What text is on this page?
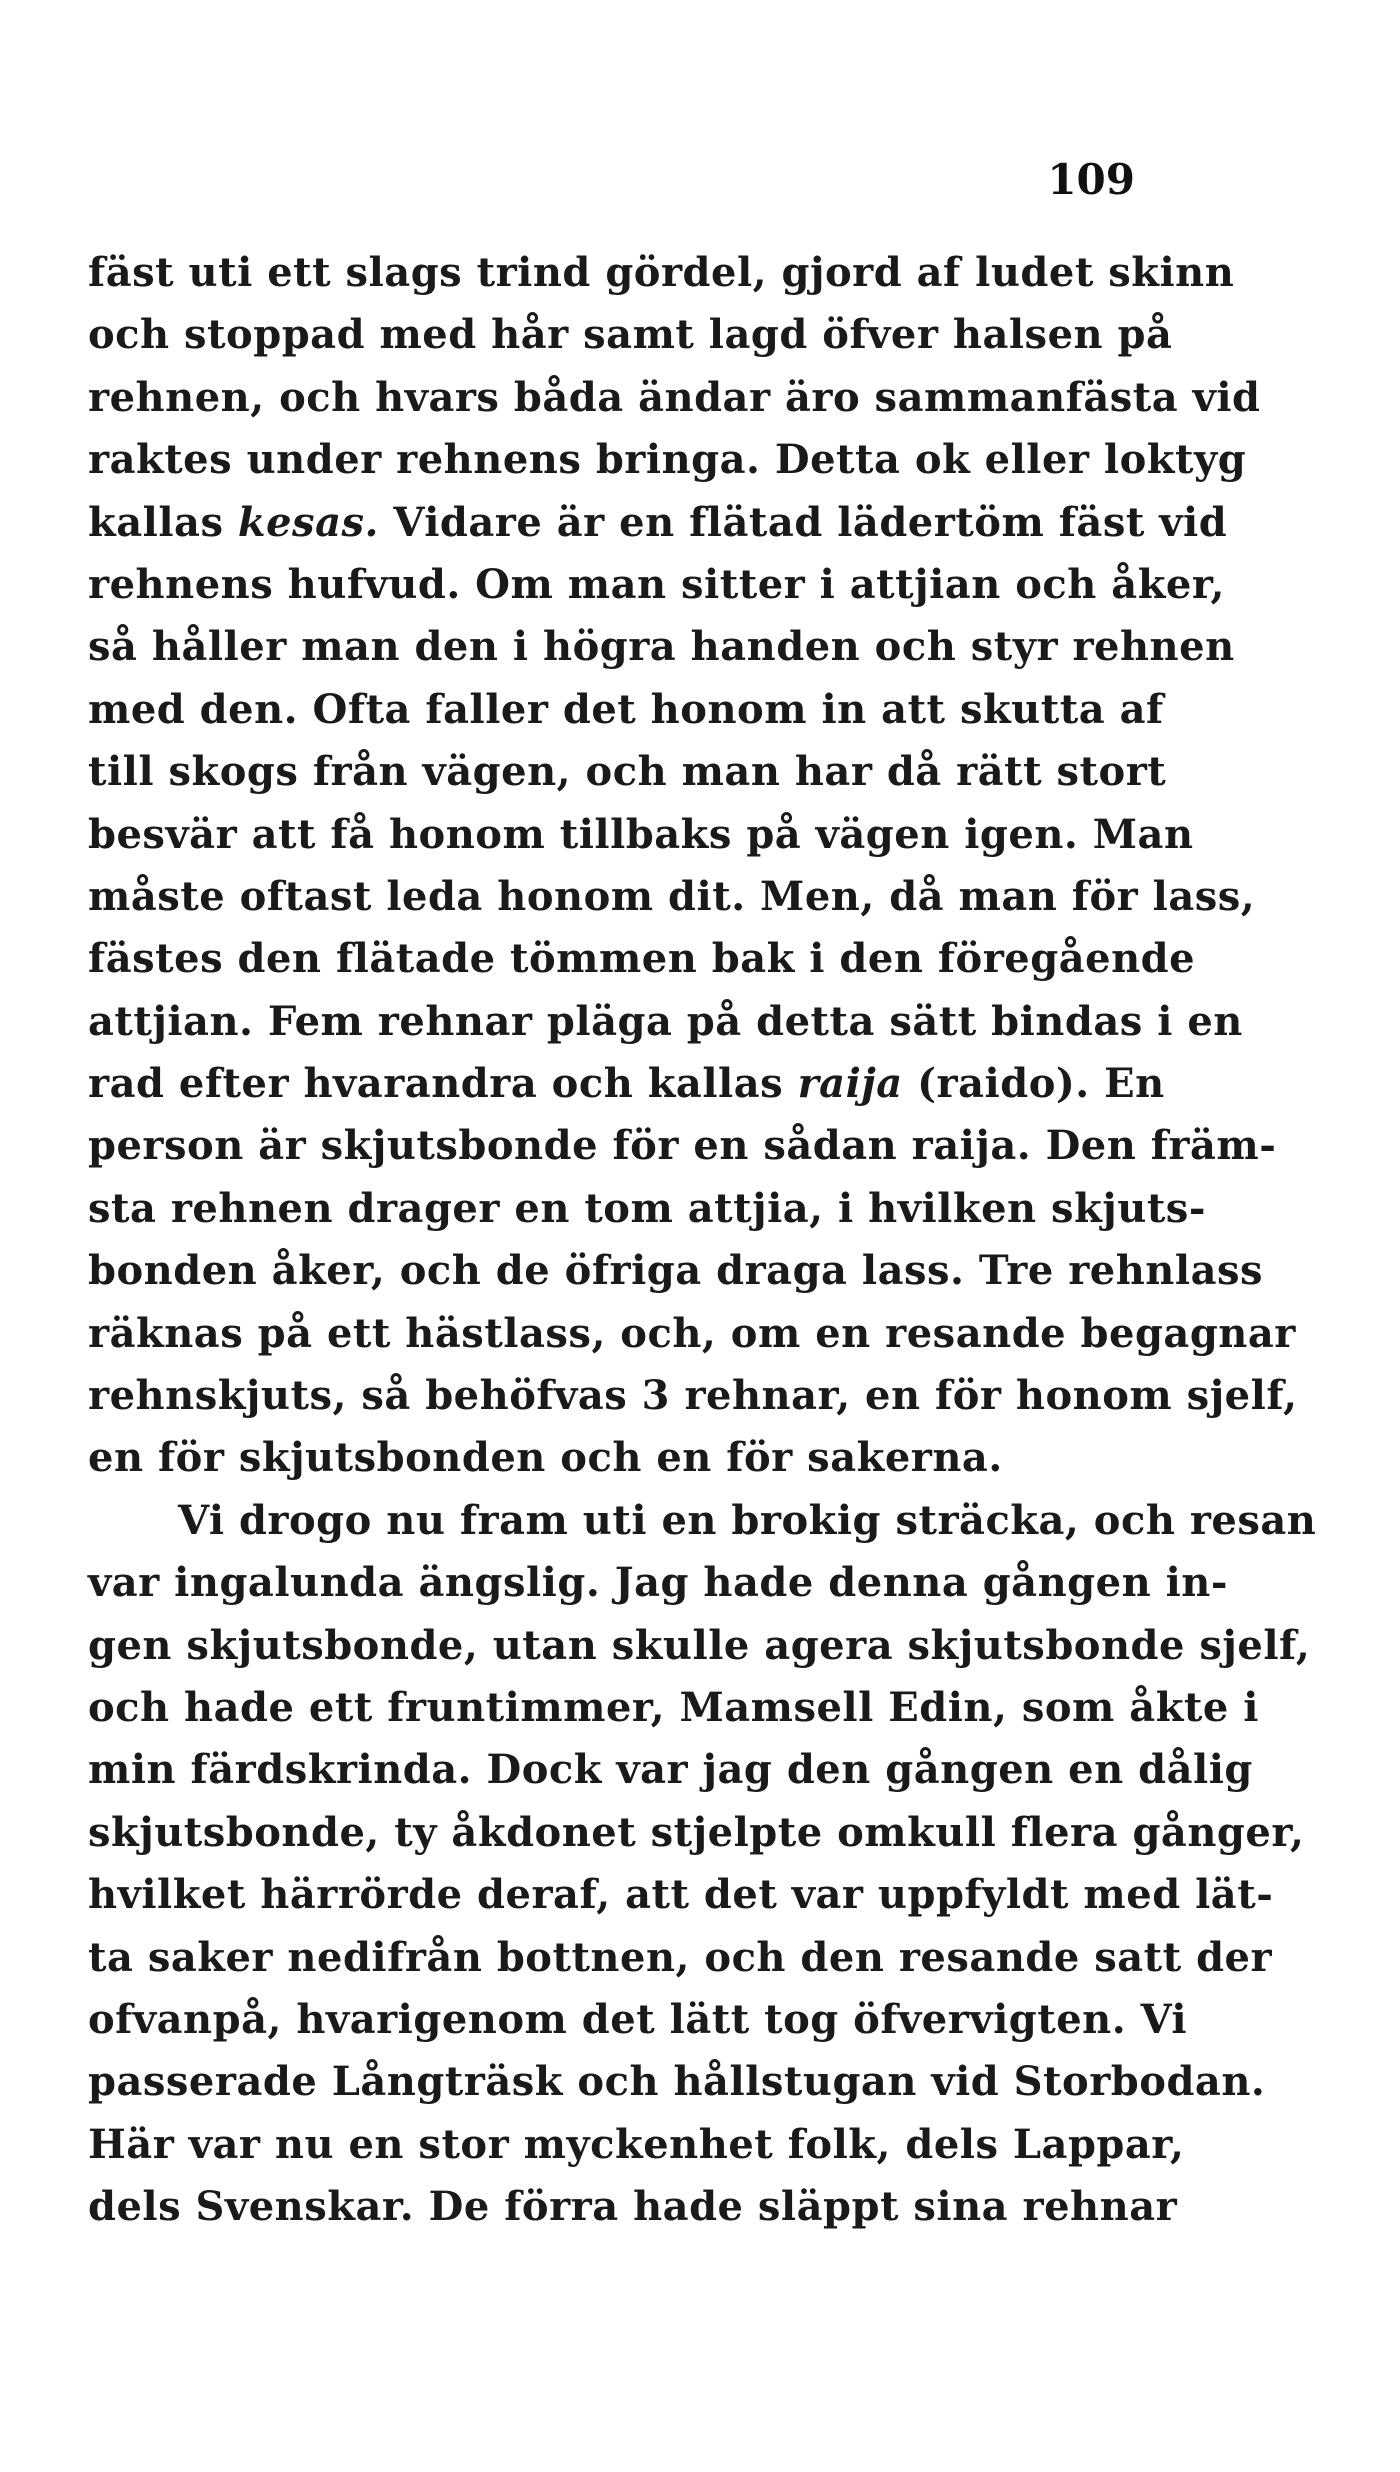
109
fäst uti ett slags trind gördel, gjord af ludet skinn
och stoppad med hår samt lagd öfver halsen på
rehnen, och hvars båda ändar äro sammanfästa vid
raktes under rehnens bringa. Detta ok eller loktyg
kallas kesas. Vidare är en flätad lädertöm fäst vid
rehnens hufvud. Om man sitter i attjian och åker,
så håller man den i högra handen och styr rehnen
med den. Ofta faller det honom in att skutta af
till skogs från vägen, och man har då rätt stort
besvär att få honom tillbaks på vägen igen. Man
måste oftast leda honom dit. Men, då man för lass,
fästes den flätade tömmen bak i den föregående
attjian. Fem rehnar pläga på detta sätt bindas i en
rad efter hvarandra och kallas raija (raido). En
person är skjutsbonde för en sådan raija. Den främ-
sta rehnen drager en tom attjia, i hvilken skjuts-
bonden åker, och de öfriga draga lass. Tre rehnlass
räknas på ett hästlass, och, om en resande begagnar
rehnskjuts, så behöfvas 3 rehnar, en för honom sjelf,
en för skjutsbonden och en för sakerna.
Vi drogo nu fram uti en brokig sträcka, och resan
var ingalunda ängslig. Jag hade denna gången in-
gen skjutsbonde, utan skulle agera skjutsbonde sjelf,
och hade ett fruntimmer, Mamsell Edin, som åkte i
min färdskrinda. Dock var jag den gången en dålig
skjutsbonde, ty åkdonet stjelpte omkull flera gånger,
hvilket härrörde deraf, att det var uppfyldt med lät-
ta saker nedifrån bottnen, och den resande satt der
ofvanpå, hvarigenom det lätt tog öfvervigten. Vi
passerade Långträsk och hållstugan vid Storbodan.
Här var nu en stor myckenhet folk, dels Lappar,
dels Svenskar. De förra hade släppt sina rehnar
